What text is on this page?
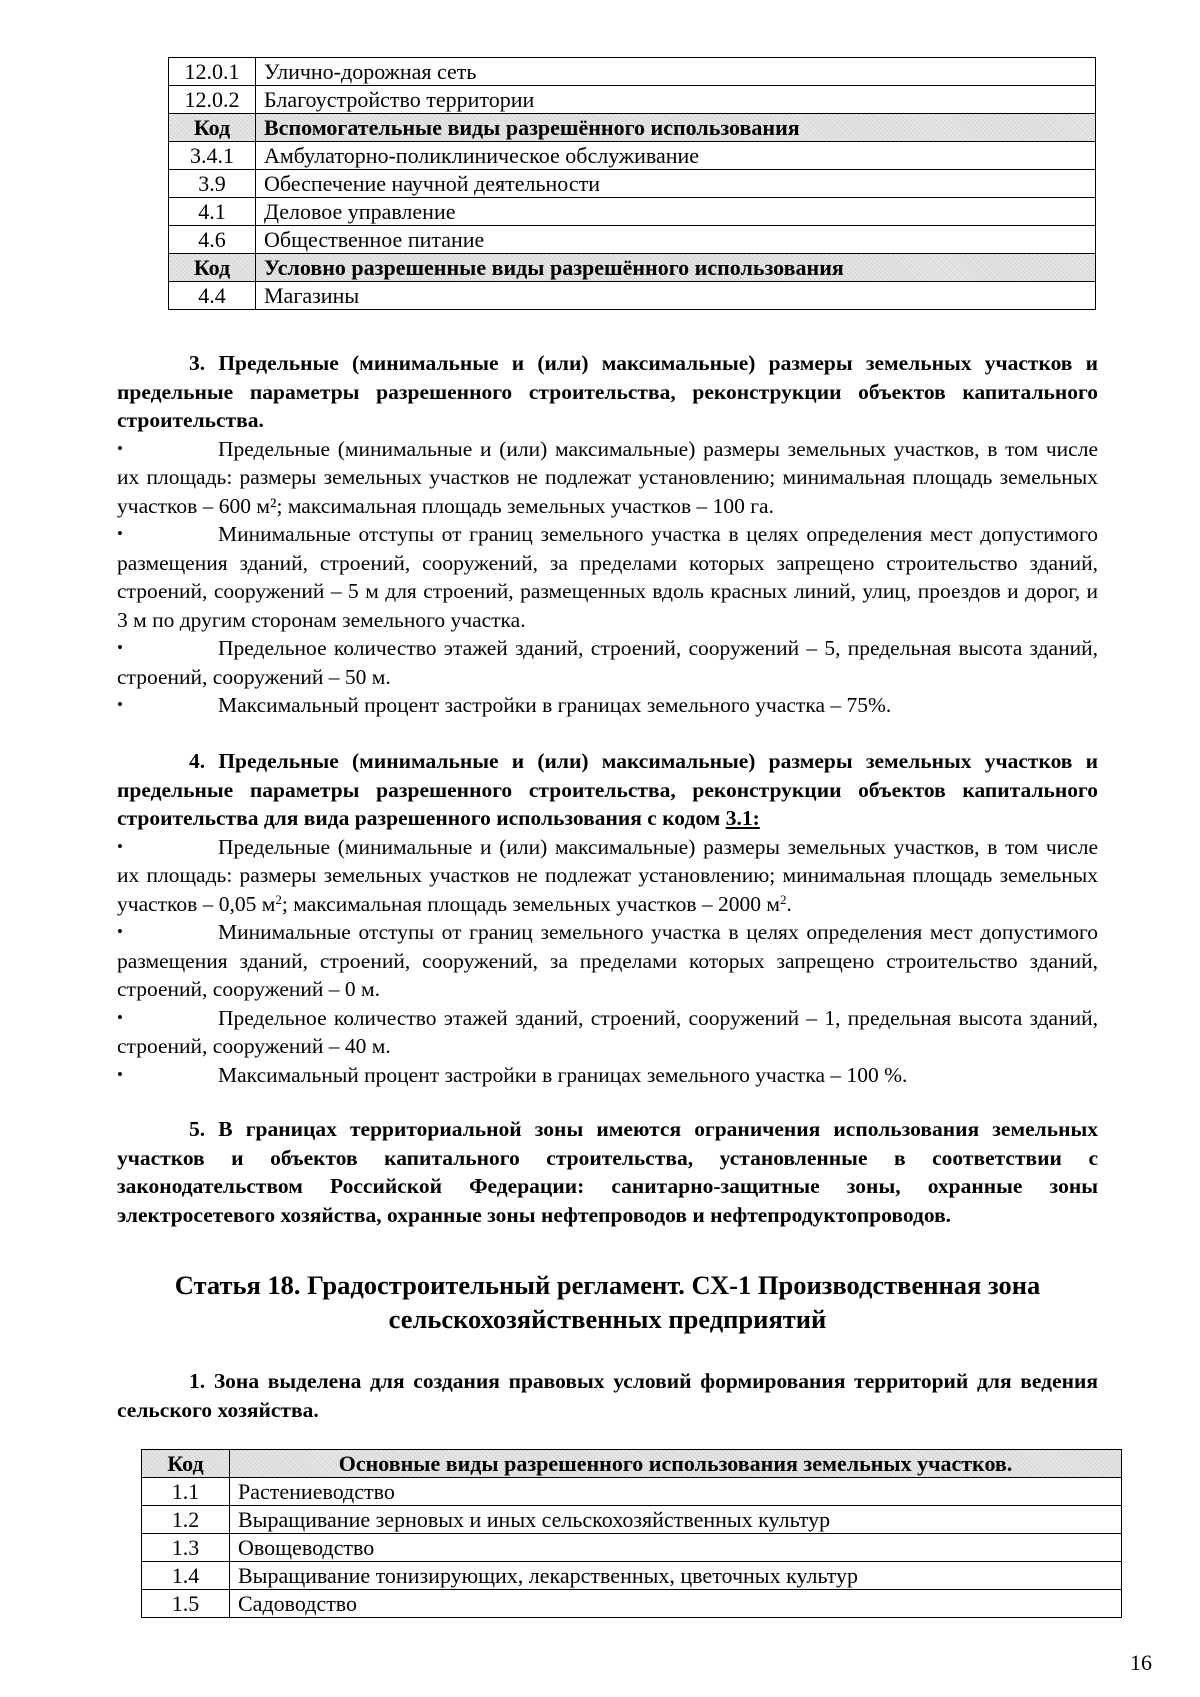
12.0.1	Улично-дорожная сеть
12.0.2	Благоустройство территории
Код	Вспомогательные виды разрешённого использования
3.4.1	Амбулаторно-поликлиническое обслуживание
3.9	Обеспечение научной деятельности
4.1	Деловое управление
4.6	Общественное питание
Код	Условно разрешенные виды разрешённого использования
4.4	Магазины

3. Предельные (минимальные и (или) максимальные) размеры земельных участков и предельные параметры разрешенного строительства, реконструкции объектов капитального строительства.

•	Предельные (минимальные и (или) максимальные) размеры земельных участков, в том числе их площадь: размеры земельных участков не подлежат установлению; минимальная площадь земельных участков – 600 м²; максимальная площадь земельных участков – 100 га.

•	Минимальные отступы от границ земельного участка в целях определения мест допустимого размещения зданий, строений, сооружений, за пределами которых запрещено строительство зданий, строений, сооружений – 5 м для строений, размещенных вдоль красных линий, улиц, проездов и дорог, и 3 м по другим сторонам земельного участка.

•	Предельное количество этажей зданий, строений, сооружений – 5, предельная высота зданий, строений, сооружений – 50 м.

•	Максимальный процент застройки в границах земельного участка – 75%.

4. Предельные (минимальные и (или) максимальные) размеры земельных участков и предельные параметры разрешенного строительства, реконструкции объектов капитального строительства для вида разрешенного использования с кодом 3.1:

•	Предельные (минимальные и (или) максимальные) размеры земельных участков, в том числе их площадь: размеры земельных участков не подлежат установлению; минимальная площадь земельных участков – 0,05 $м^2$; максимальная площадь земельных участков – 2000 $м^2$.

•	Минимальные отступы от границ земельного участка в целях определения мест допустимого размещения зданий, строений, сооружений, за пределами которых запрещено строительство зданий, строений, сооружений – 0 м.

•	Предельное количество этажей зданий, строений, сооружений – 1, предельная высота зданий, строений, сооружений – 40 м.

•	Максимальный процент застройки в границах земельного участка – 100 %.

5. В границах территориальной зоны имеются ограничения использования земельных участков и объектов капитального строительства, установленные в соответствии с законодательством Российской Федерации: санитарно-защитные зоны, охранные зоны электросетевого хозяйства, охранные зоны нефтепроводов и нефтепродуктопроводов.

Статья 18. Градостроительный регламент. СХ-1 Производственная зона
сельскохозяйственных предприятий

1. Зона выделена для создания правовых условий формирования территорий для ведения сельского хозяйства.

Код	Основные виды разрешенного использования земельных участков.
1.1	Растениеводство
1.2	Выращивание зерновых и иных сельскохозяйственных культур
1.3	Овощеводство
1.4	Выращивание тонизирующих, лекарственных, цветочных культур
1.5	Садоводство
16
